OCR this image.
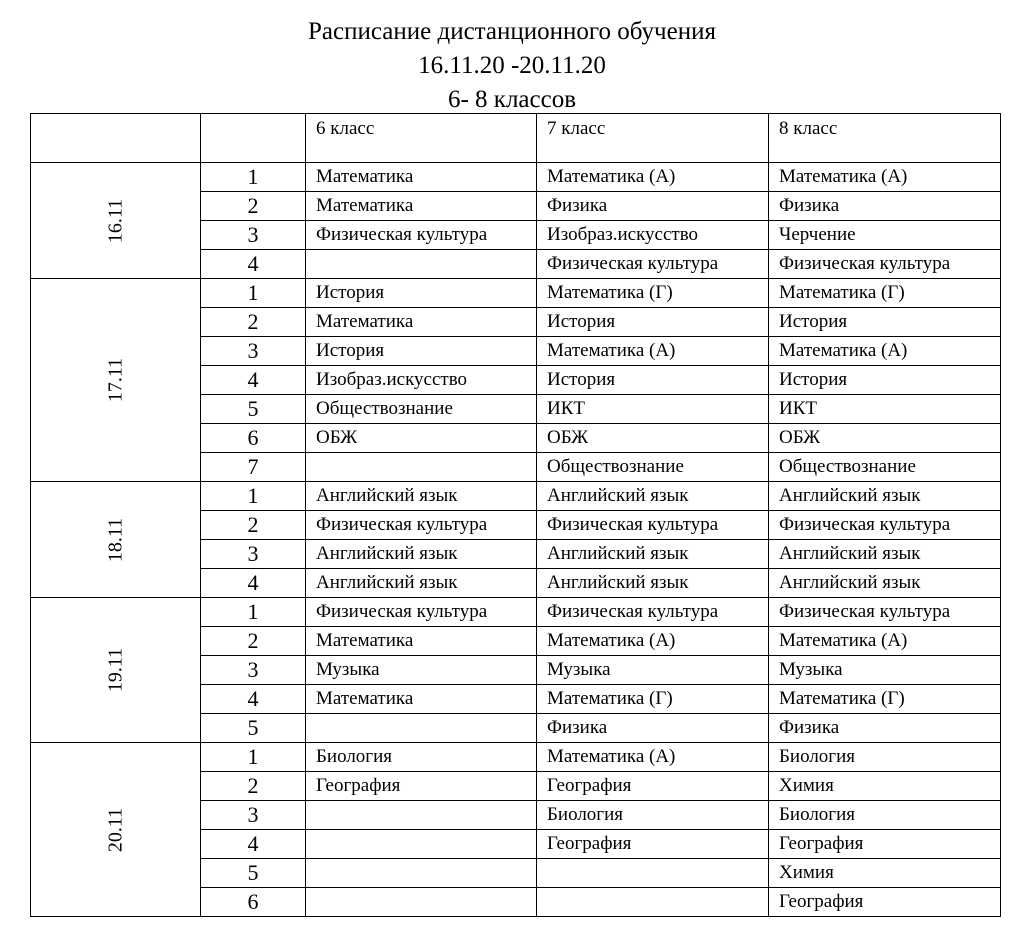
Расписание дистанционного обучения
16.11.20 -20.11.20
6- 8 классов
		6 класс	7 класс	8 класс

16.11	1	Математика	Математика (А)	Математика (А)
	2	Математика	Физика	Физика
	3	Физическая культура	Изобраз.искусство	Черчение
	4		Физическая культура	Физическая культура

17.11	1	История	Математика (Г)	Математика (Г)
	2	Математика	История	История
	3	История	Математика (А)	Математика (А)
	4	Изобраз.искусство	История	История
	5	Обществознание	ИКТ	ИКТ
	6	ОБЖ	ОБЖ	ОБЖ
	7		Обществознание	Обществознание

18.11	1	Английский язык	Английский язык	Английский язык
	2	Физическая культура	Физическая культура	Физическая культура
	3	Английский язык	Английский язык	Английский язык
	4	Английский язык	Английский язык	Английский язык

19.11	1	Физическая культура	Физическая культура	Физическая культура
	2	Математика	Математика (А)	Математика (А)
	3	Музыка	Музыка	Музыка
	4	Математика	Математика (Г)	Математика (Г)
	5		Физика	Физика

20.11	1	Биология	Математика (А)	Биология
	2	География	География	Химия
	3		Биология	Биология
	4		География	География
	5			Химия
	6			География
